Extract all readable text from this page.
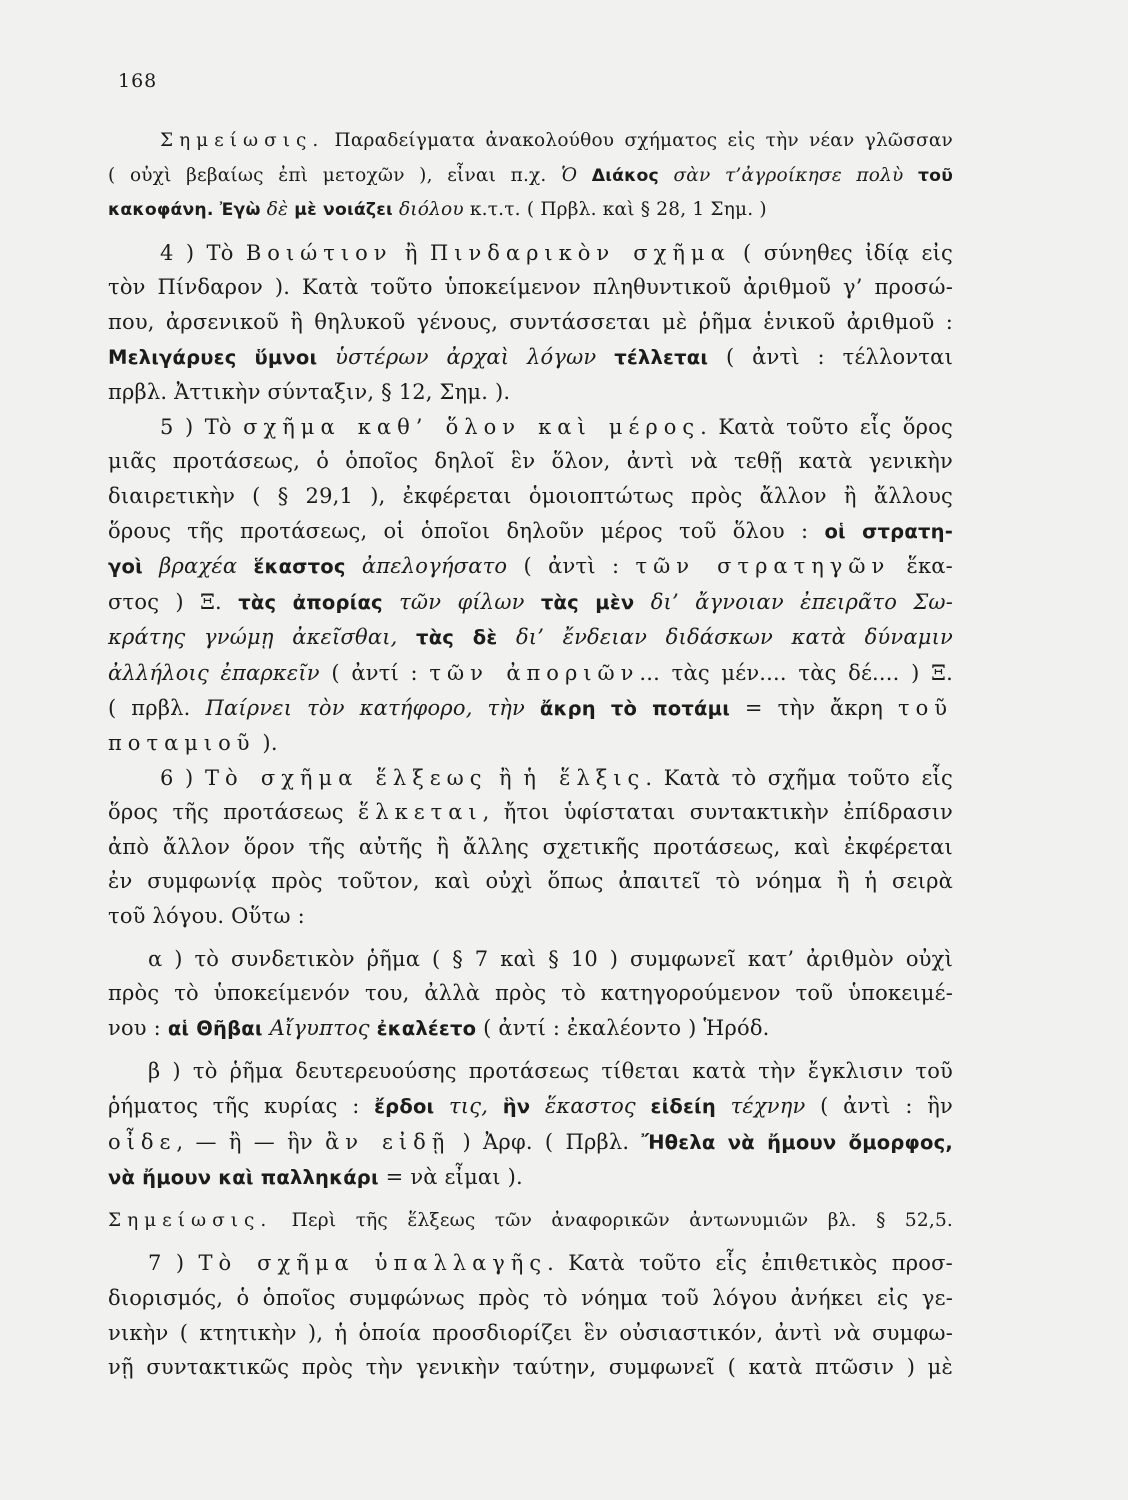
168
Σημείωσις. Παραδείγματα ἀνακολούθου σχήματος εἰς τὴν νέαν γλῶσσαν
( οὐχὶ βεβαίως ἐπὶ μετοχῶν ), εἶναι π.χ. Ὁ Διάκος σὰν τ’ἀγροίκησε πολὺ τοῦ
κακοφάνη. Ἐγὼ δὲ μὲ νοιάζει διόλου κ.τ.τ. ( Πρβλ. καὶ § 28, 1 Σημ. )
4 ) Τὸ Βοιώτιον ἢ Πινδαρικὸν σχῆμα ( σύνηθες ἰδίᾳ εἰς
τὸν Πίνδαρον ). Κατὰ τοῦτο ὑποκείμενον πληθυντικοῦ ἀριθμοῦ γ’ προσώ-
που, ἀρσενικοῦ ἢ θηλυκοῦ γένους, συντάσσεται μὲ ῥῆμα ἑνικοῦ ἀριθμοῦ :
Μελιγάρυες ὕμνοι ὑστέρων ἀρχαὶ λόγων τέλλεται ( ἀντὶ : τέλλονται
πρβλ. Ἀττικὴν σύνταξιν, § 12, Σημ. ).
5 ) Τὸ σχῆμα καθ’ ὅλον καὶ μέρος. Κατὰ τοῦτο εἷς ὅρος
μιᾶς προτάσεως, ὁ ὁποῖος δηλοῖ ἓν ὅλον, ἀντὶ νὰ τεθῇ κατὰ γενικὴν
διαιρετικὴν ( § 29,1 ), ἐκφέρεται ὁμοιοπτώτως πρὸς ἄλλον ἢ ἄλλους
ὅρους τῆς προτάσεως, οἱ ὁποῖοι δηλοῦν μέρος τοῦ ὅλου : οἱ στρατη-
γοὶ βραχέα ἕκαστος ἀπελογήσατο ( ἀντὶ : τῶν στρατηγῶν ἕκα-
στος ) Ξ. τὰς ἀπορίας τῶν φίλων τὰς μὲν δι’ ἄγνοιαν ἐπειρᾶτο Σω-
κράτης γνώμῃ ἀκεῖσθαι, τὰς δὲ δι’ ἔνδειαν διδάσκων κατὰ δύναμιν
ἀλλήλοις ἐπαρκεῖν ( ἀντί : τῶν ἀποριῶν... τὰς μέν.... τὰς δέ.... ) Ξ.
( πρβλ. Παίρνει τὸν κατήφορο, τὴν ἄκρη τὸ ποτάμι = τὴν ἄκρη τοῦ
ποταμιοῦ ).
6 ) Τὸ σχῆμα ἕλξεως ἢ ἡ ἕλξις. Κατὰ τὸ σχῆμα τοῦτο εἷς
ὅρος τῆς προτάσεως ἕλκεται, ἤτοι ὑφίσταται συντακτικὴν ἐπίδρασιν
ἀπὸ ἄλλον ὅρον τῆς αὐτῆς ἢ ἄλλης σχετικῆς προτάσεως, καὶ ἐκφέρεται
ἐν συμφωνίᾳ πρὸς τοῦτον, καὶ οὐχὶ ὅπως ἀπαιτεῖ τὸ νόημα ἢ ἡ σειρὰ
τοῦ λόγου. Οὕτω :
α ) τὸ συνδετικὸν ῥῆμα ( § 7 καὶ § 10 ) συμφωνεῖ κατ’ ἀριθμὸν οὐχὶ
πρὸς τὸ ὑποκείμενόν του, ἀλλὰ πρὸς τὸ κατηγορούμενον τοῦ ὑποκειμέ-
νου : αἱ Θῆβαι Αἴγυπτος ἐκαλέετο ( ἀντί : ἐκαλέοντο ) Ἡρόδ.
β ) τὸ ῥῆμα δευτερευούσης προτάσεως τίθεται κατὰ τὴν ἔγκλισιν τοῦ
ῥήματος τῆς κυρίας : ἔρδοι τις, ἣν ἕκαστος εἰδείη τέχνην ( ἀντὶ : ἣν
οἶδε, — ἢ — ἣν ἂν εἰδῇ ) Ἀρφ. ( Πρβλ. Ἤθελα νὰ ἤμουν ὄμορφος,
νὰ ἤμουν καὶ παλληκάρι = νὰ εἶμαι ).
Σημείωσις. Περὶ τῆς ἕλξεως τῶν ἀναφορικῶν ἀντωνυμιῶν βλ. § 52,5.
7 ) Τὸ σχῆμα ὑπαλλαγῆς. Κατὰ τοῦτο εἷς ἐπιθετικὸς προσ-
διορισμός, ὁ ὁποῖος συμφώνως πρὸς τὸ νόημα τοῦ λόγου ἀνήκει εἰς γε-
νικὴν ( κτητικὴν ), ἡ ὁποία προσδιορίζει ἓν οὐσιαστικόν, ἀντὶ νὰ συμφω-
νῇ συντακτικῶς πρὸς τὴν γενικὴν ταύτην, συμφωνεῖ ( κατὰ πτῶσιν ) μὲ
